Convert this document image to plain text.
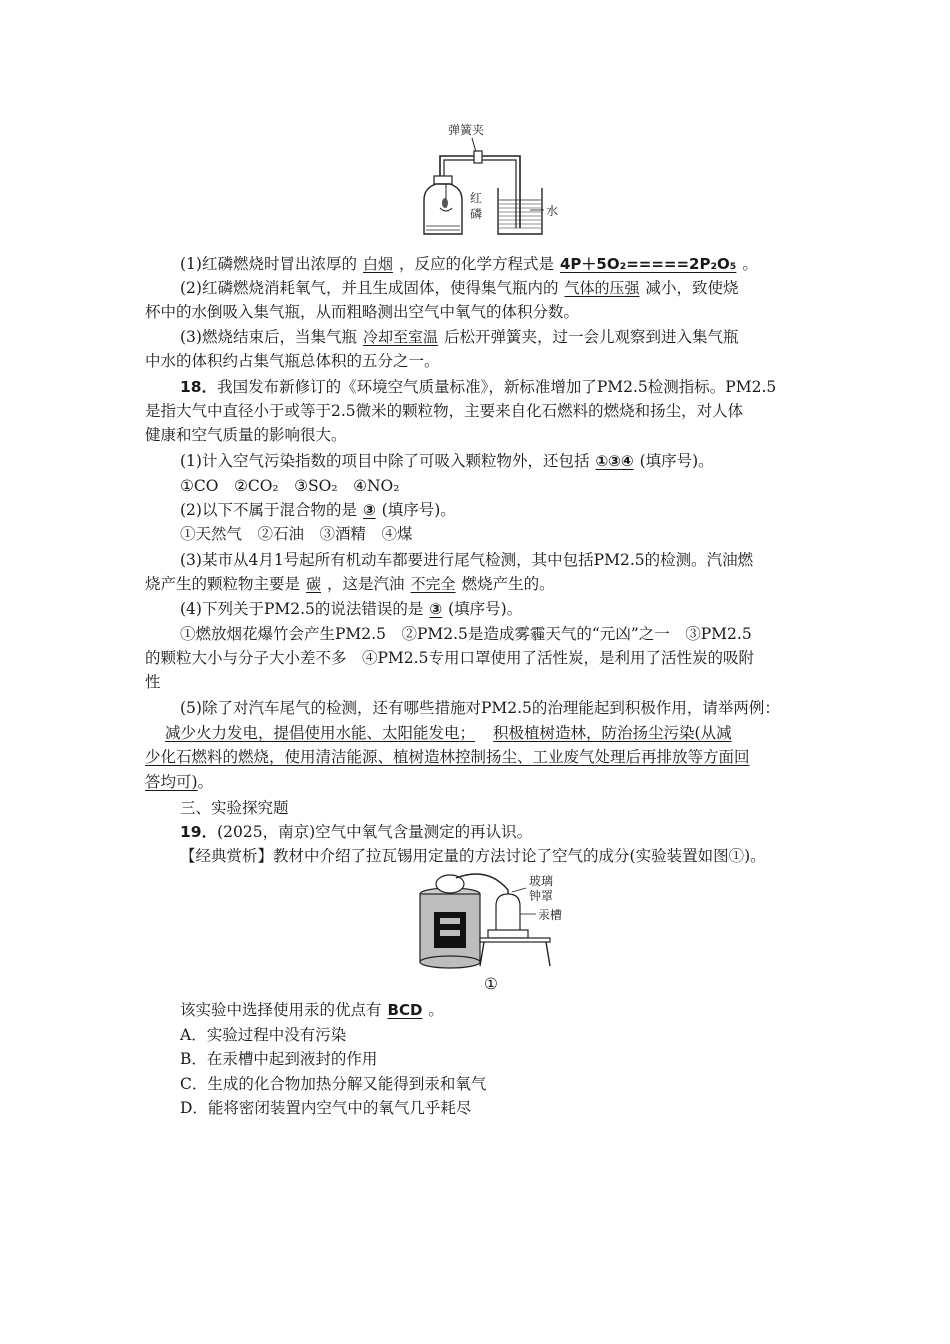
弹簧夹
红
磷	水
(1)红磷燃烧时冒出浓厚的 白烟 ，反应的化学方程式是 4P＋5O₂=====2P₂O₅ 。
(2)红磷燃烧消耗氧气，并且生成固体，使得集气瓶内的 气体的压强 减小，致使烧
杯中的水倒吸入集气瓶，从而粗略测出空气中氧气的体积分数。
(3)燃烧结束后，当集气瓶 冷却至室温 后松开弹簧夹，过一会儿观察到进入集气瓶
中水的体积约占集气瓶总体积的五分之一。
18．我国发布新修订的《环境空气质量标准》，新标准增加了PM2.5检测指标。PM2.5
是指大气中直径小于或等于2.5微米的颗粒物，主要来自化石燃料的燃烧和扬尘，对人体
健康和空气质量的影响很大。
(1)计入空气污染指数的项目中除了可吸入颗粒物外，还包括 ①③④ (填序号)。
①CO　②CO₂　③SO₂　④NO₂
(2)以下不属于混合物的是 ③ (填序号)。
①天然气　②石油　③酒精　④煤
(3)某市从4月1号起所有机动车都要进行尾气检测，其中包括PM2.5的检测。汽油燃
烧产生的颗粒物主要是 碳 ，这是汽油 不完全 燃烧产生的。
(4)下列关于PM2.5的说法错误的是 ③ (填序号)。
①燃放烟花爆竹会产生PM2.5　②PM2.5是造成雾霾天气的“元凶”之一　③PM2.5
的颗粒大小与分子大小差不多　④PM2.5专用口罩使用了活性炭，是利用了活性炭的吸附
性
(5)除了对汽车尾气的检测，还有哪些措施对PM2.5的治理能起到积极作用，请举两例：
减少火力发电，提倡使用水能、太阳能发电； 积极植树造林，防治扬尘污染(从减
少化石燃料的燃烧，使用清洁能源、植树造林控制扬尘、工业废气处理后再排放等方面回
答均可)。
三、实验探究题
19．(2025，南京)空气中氧气含量测定的再认识。
【经典赏析】教材中介绍了拉瓦锡用定量的方法讨论了空气的成分(实验装置如图①)。
玻璃
钟罩
汞槽
①
该实验中选择使用汞的优点有 BCD 。
A．实验过程中没有污染
B．在汞槽中起到液封的作用
C．生成的化合物加热分解又能得到汞和氧气
D．能将密闭装置内空气中的氧气几乎耗尽
